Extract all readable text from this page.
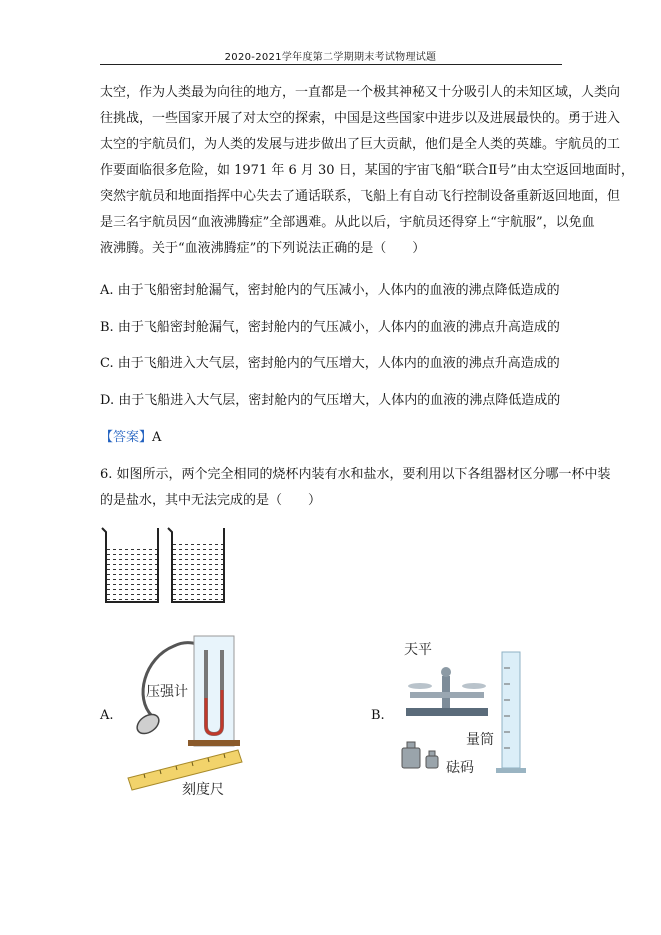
2020-2021学年度第二学期期末考试物理试题
太空，作为人类最为向往的地方，一直都是一个极其神秘又十分吸引人的未知区域，人类向
往挑战，一些国家开展了对太空的探索，中国是这些国家中进步以及进展最快的。勇于进入
太空的宇航员们，为人类的发展与进步做出了巨大贡献，他们是全人类的英雄。宇航员的工
作要面临很多危险，如 1971 年 6 月 30 日，某国的宇宙飞船“联合Ⅱ号”由太空返回地面时，
突然宇航员和地面指挥中心失去了通话联系，飞船上有自动飞行控制设备重新返回地面，但
是三名宇航员因“血液沸腾症”全部遇难。从此以后，宇航员还得穿上“宇航服”，以免血
液沸腾。关于“血液沸腾症”的下列说法正确的是（　　）
A. 由于飞船密封舱漏气，密封舱内的气压减小，人体内的血液的沸点降低造成的
B. 由于飞船密封舱漏气，密封舱内的气压减小，人体内的血液的沸点升高造成的
C. 由于飞船进入大气层，密封舱内的气压增大，人体内的血液的沸点升高造成的
D. 由于飞船进入大气层，密封舱内的气压增大，人体内的血液的沸点降低造成的
【答案】A
6. 如图所示，两个完全相同的烧杯内装有水和盐水，要利用以下各组器材区分哪一杯中装
的是盐水，其中无法完成的是（　　）
A.	B.
压强计
刻度尺
天平
量筒
砝码
